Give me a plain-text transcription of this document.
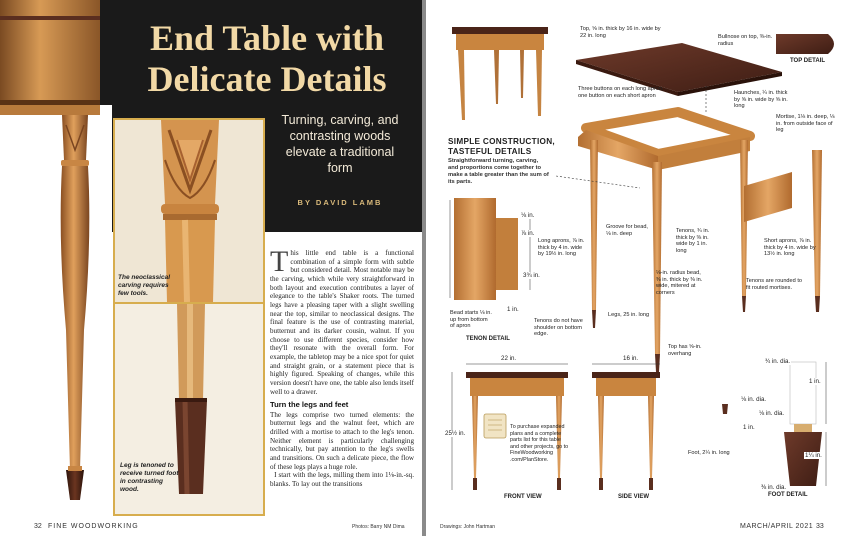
End Table with
Delicate Details
Turning, carving, and contrasting woods elevate a traditional form
BY DAVID LAMB
The neoclassical carving requires few tools.
Leg is tenoned to receive turned foot in contrasting wood.
This little end table is a functional combination of a simple form with subtle but considered detail. Most notable may be the carving, which while very straightforward in both layout and execution contributes a layer of elegance to the table's Shaker roots. The turned legs have a pleasing taper with a slight swelling near the top, similar to neoclassical designs. The final feature is the use of contrasting material, butternut and its darker cousin, walnut. If you choose to use different species, consider how they'll resonate with the overall form. For example, the tabletop may be a nice spot for quiet and straight grain, or a statement piece that is highly figured. Speaking of changes, while this version doesn't have one, the table also lends itself well to a drawer.
Turn the legs and feet
The legs comprise two turned elements: the butternut legs and the walnut feet, which are drilled with a mortise to attach to the leg's tenon. Neither element is particularly challenging technically, but pay attention to the leg's swells and transitions. On such a delicate piece, the flow of these legs plays a huge role.
I start with the legs, milling them into 1⅛-in.-sq. blanks. To lay out the transitions
32 FINE WOODWORKING	Photos: Barry NM Dima
SIMPLE CONSTRUCTION,
TASTEFUL DETAILS
Straightforward turning, carving, and proportions come together to make a table greater than the sum of its parts.
Top, ⅝ in. thick by 16 in. wide by 22 in. long	Bullnose on top, ⅜-in. radius
TOP DETAIL
Three buttons on each long apron, one button on each short apron	Haunches, ¼ in. thick by ⅝ in. wide by ⅝ in. long
Mortise, 1⅛ in. deep, ⅛ in. from outside face of leg
Groove for bead, ⅛ in. deep
Long aprons, ⅞ in. thick by 4 in. wide by 19½ in. long
Tenons, ¾ in. thick by ⅜ in. wide by 1 in. long
⅛-in. radius bead, ⅜ in. thick by ⅜ in. wide, mitered at corners
Short aprons, ⅞ in. thick by 4 in. wide by 13½ in. long
Tenons are rounded to fit routed mortises.
Legs, 25 in. long
Bead starts ⅛ in. up from bottom of apron
Tenons do not have shoulder on bottom edge.
TENON DETAIL
Top has ⅝-in. overhang
Foot, 2¼ in. long
FOOT DETAIL
FRONT VIEW	SIDE VIEW
⅛ in.
⅞ in.
3¾ in.
1 in.
22 in.
25½ in.
16 in.	¾ in. dia.
⅛ in. dia.
⅛ in. dia.
1 in.
1 in.
1¼ in.
⅜ in. dia.
To purchase expanded plans and a complete parts list for this table and other projects, go to FineWoodworking .com/PlanStore.
Drawings: John Hartman	MARCH/APRIL 2021 33
